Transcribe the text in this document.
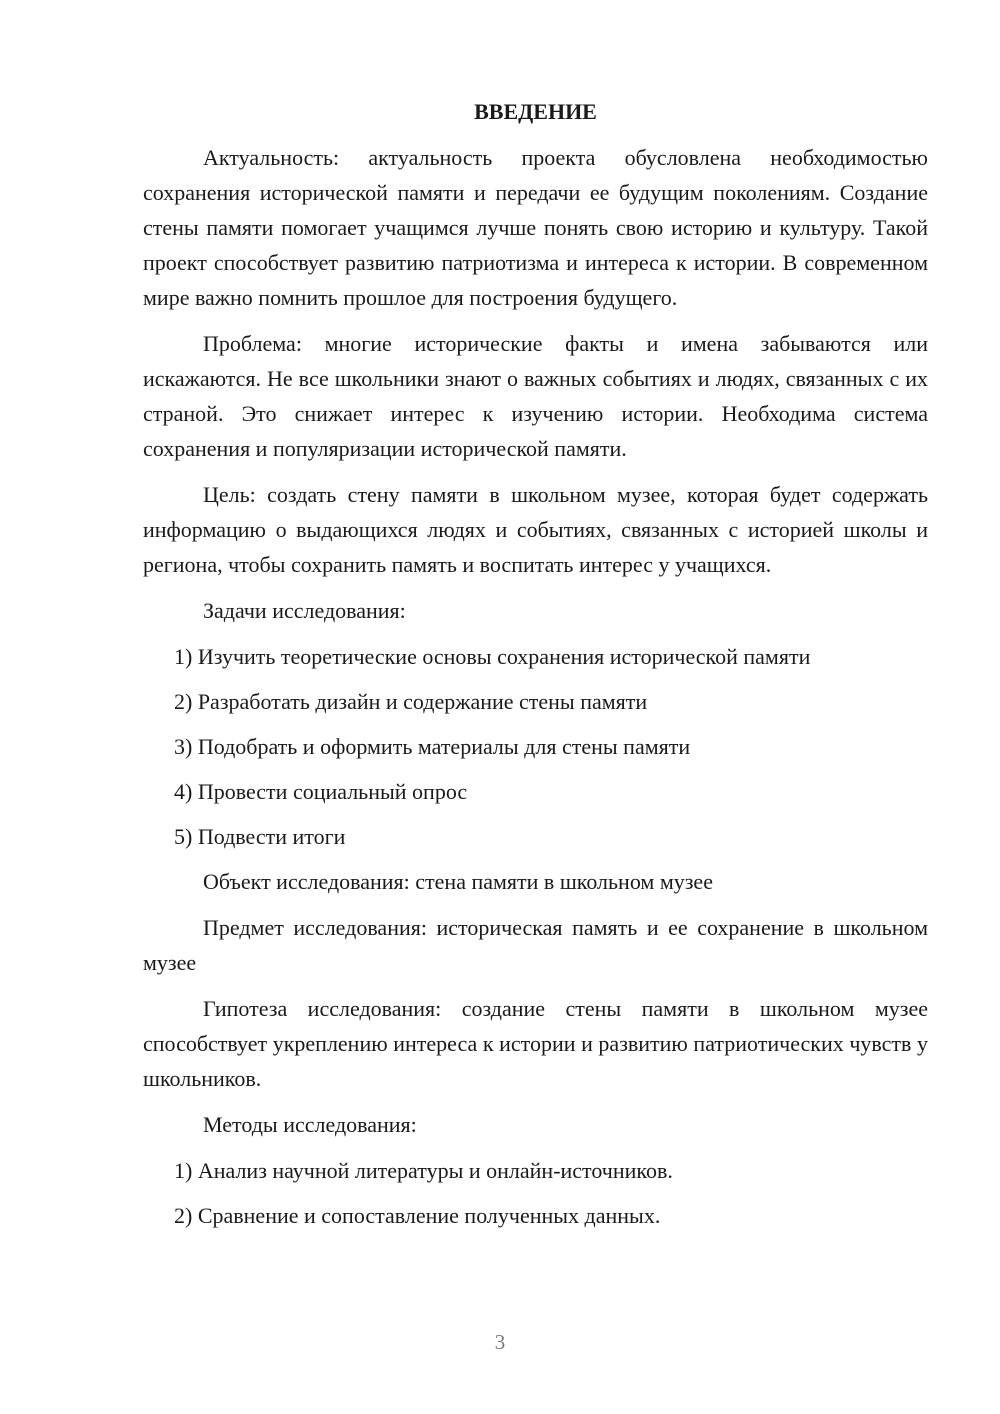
ВВЕДЕНИЕ

Актуальность: актуальность проекта обусловлена необходимостью сохранения исторической памяти и передачи ее будущим поколениям. Создание стены памяти помогает учащимся лучше понять свою историю и культуру. Такой проект способствует развитию патриотизма и интереса к истории. В современном мире важно помнить прошлое для построения будущего.

Проблема: многие исторические факты и имена забываются или искажаются. Не все школьники знают о важных событиях и людях, связанных с их страной. Это снижает интерес к изучению истории. Необходима система сохранения и популяризации исторической памяти.

Цель: создать стену памяти в школьном музее, которая будет содержать информацию о выдающихся людях и событиях, связанных с историей школы и региона, чтобы сохранить память и воспитать интерес у учащихся.

Задачи исследования:

1) Изучить теоретические основы сохранения исторической памяти

2) Разработать дизайн и содержание стены памяти

3) Подобрать и оформить материалы для стены памяти

4) Провести социальный опрос

5) Подвести итоги

Объект исследования: стена памяти в школьном музее

Предмет исследования: историческая память и ее сохранение в школьном музее

Гипотеза исследования: создание стены памяти в школьном музее способствует укреплению интереса к истории и развитию патриотических чувств у школьников.

Методы исследования:

1) Анализ научной литературы и онлайн-источников.

2) Сравнение и сопоставление полученных данных.

3
